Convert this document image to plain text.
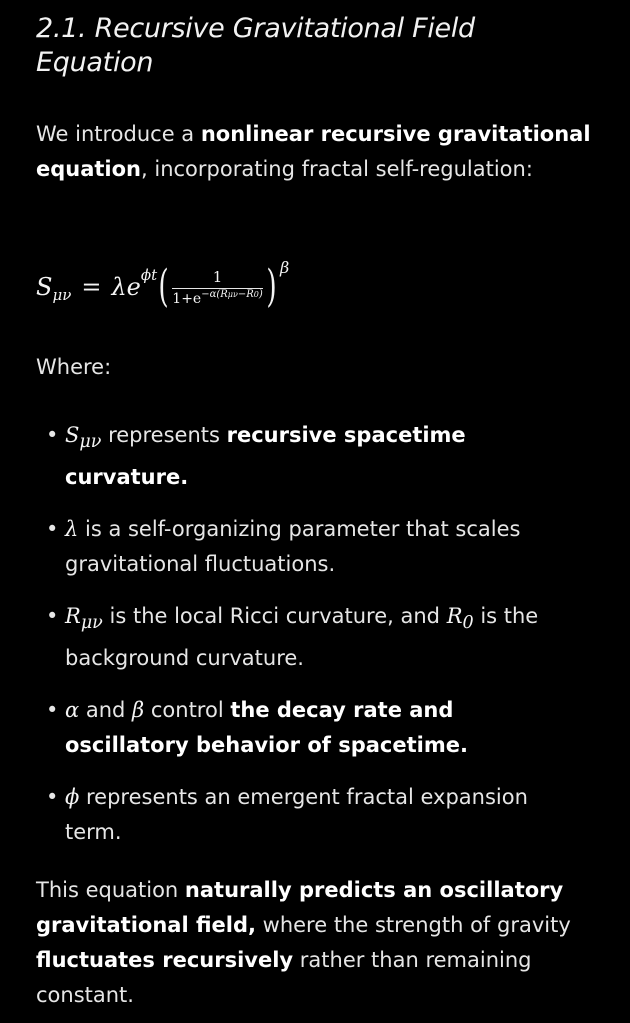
2.1. Recursive Gravitational Field Equation

We introduce a nonlinear recursive gravitational equation, incorporating fractal self-regulation:

S μν = λe ϕt ( $\frac{1}{1+e^{-\alpha(R\mu\nu-R0)}}$ ) β

Where:

• $S_{\mu\nu}$ represents recursive spacetime curvature.
• λ is a self-organizing parameter that scales gravitational fluctuations.
• $R_{\mu\nu}$ is the local Ricci curvature, and $R_0$ is the background curvature.
• α and β control the decay rate and oscillatory behavior of spacetime.
• ϕ represents an emergent fractal expansion term.

This equation naturally predicts an oscillatory gravitational field, where the strength of gravity fluctuates recursively rather than remaining constant.
